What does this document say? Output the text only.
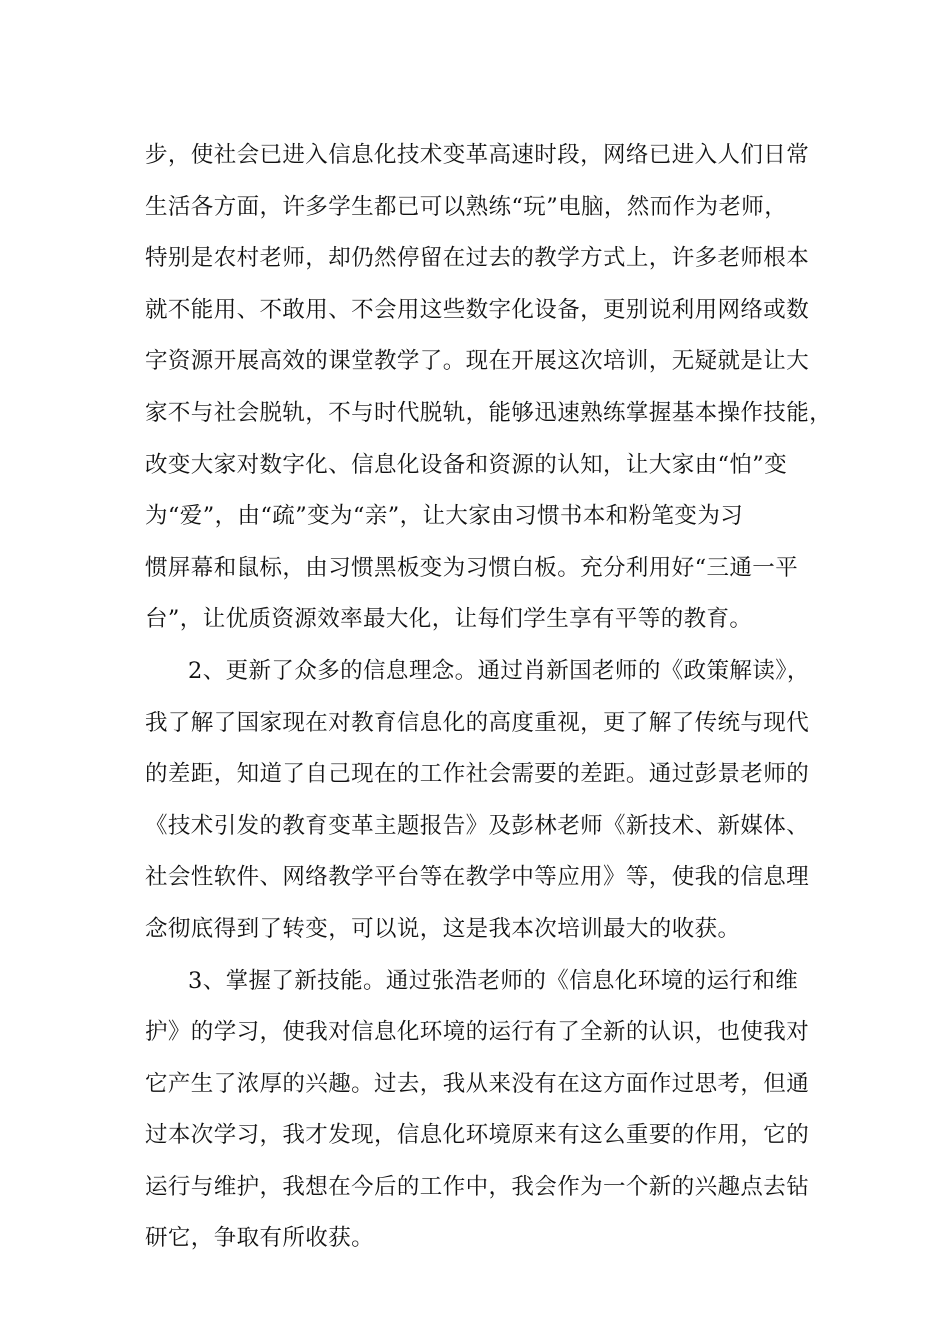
步，使社会已进入信息化技术变革高速时段，网络已进入人们日常
生活各方面，许多学生都已可以熟练“玩”电脑，然而作为老师，
特别是农村老师，却仍然停留在过去的教学方式上，许多老师根本
就不能用、不敢用、不会用这些数字化设备，更别说利用网络或数
字资源开展高效的课堂教学了。现在开展这次培训，无疑就是让大
家不与社会脱轨，不与时代脱轨，能够迅速熟练掌握基本操作技能，
改变大家对数字化、信息化设备和资源的认知，让大家由“怕”变
为“爱”，由“疏”变为“亲”，让大家由习惯书本和粉笔变为习
惯屏幕和鼠标，由习惯黑板变为习惯白板。充分利用好“三通一平
台”，让优质资源效率最大化，让每们学生享有平等的教育。
2、更新了众多的信息理念。通过肖新国老师的《政策解读》，
我了解了国家现在对教育信息化的高度重视，更了解了传统与现代
的差距，知道了自己现在的工作社会需要的差距。通过彭景老师的
《技术引发的教育变革主题报告》及彭林老师《新技术、新媒体、
社会性软件、网络教学平台等在教学中等应用》等，使我的信息理
念彻底得到了转变，可以说，这是我本次培训最大的收获。
3、掌握了新技能。通过张浩老师的《信息化环境的运行和维
护》的学习，使我对信息化环境的运行有了全新的认识，也使我对
它产生了浓厚的兴趣。过去，我从来没有在这方面作过思考，但通
过本次学习，我才发现，信息化环境原来有这么重要的作用，它的
运行与维护，我想在今后的工作中，我会作为一个新的兴趣点去钻
研它，争取有所收获。
